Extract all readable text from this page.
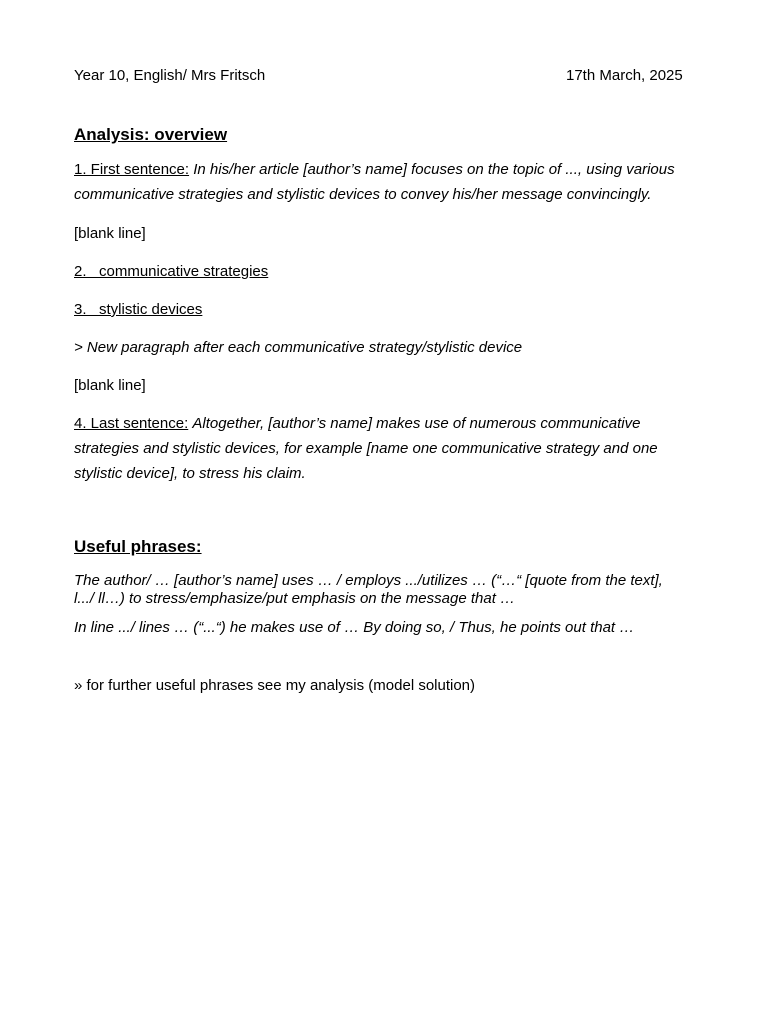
Year 10, English/ Mrs Fritsch	17th March, 2025
Analysis: overview
1. First sentence: In his/her article [author’s name] focuses on the topic of ..., using various
communicative strategies and stylistic devices to convey his/her message convincingly.
[blank line]
2.   communicative strategies
3.   stylistic devices
> New paragraph after each communicative strategy/stylistic device
[blank line]
4. Last sentence: Altogether, [author’s name] makes use of numerous communicative
strategies and stylistic devices, for example [name one communicative strategy and one
stylistic device], to stress his claim.
Useful phrases:
The author/ … [author’s name] uses … / employs .../utilizes … (“…“ [quote from the text],
l.../ ll…) to stress/emphasize/put emphasis on the message that …
In line .../ lines … (“...“) he makes use of … By doing so, / Thus, he points out that …
» for further useful phrases see my analysis (model solution)
